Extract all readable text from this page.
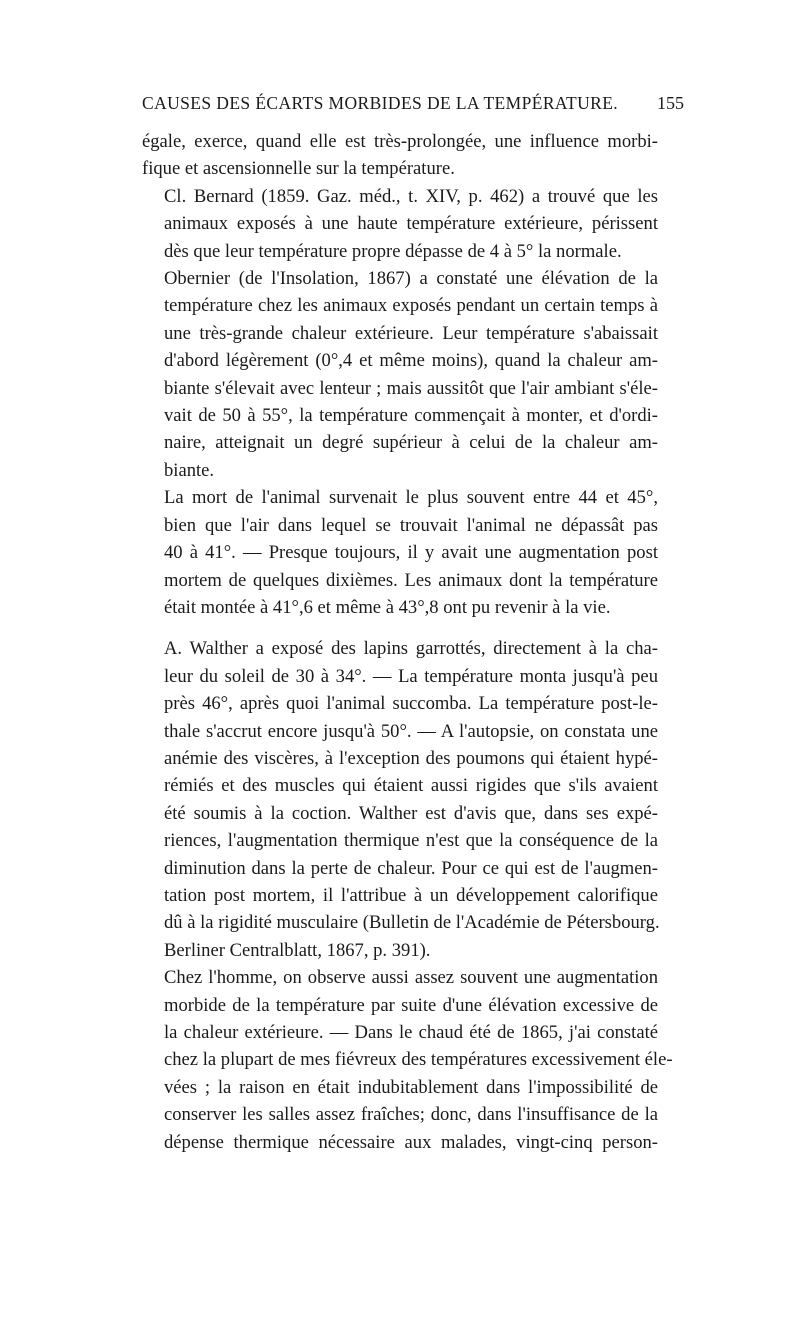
CAUSES DES ÉCARTS MORBIDES DE LA TEMPÉRATURE.	155

égale, exerce, quand elle est très-prolongée, une influence morbi-
fique et ascensionnelle sur la température.

Cl. Bernard (1859. Gaz. méd., t. XIV, p. 462) a trouvé que les
animaux exposés à une haute température extérieure, périssent
dès que leur température propre dépasse de 4 à 5° la normale.

Obernier (de l'Insolation, 1867) a constaté une élévation de la
température chez les animaux exposés pendant un certain temps à
une très-grande chaleur extérieure. Leur température s'abaissait
d'abord légèrement (0°,4 et même moins), quand la chaleur am-
biante s'élevait avec lenteur ; mais aussitôt que l'air ambiant s'éle-
vait de 50 à 55°, la température commençait à monter, et d'ordi-
naire, atteignait un degré supérieur à celui de la chaleur am-
biante.

La mort de l'animal survenait le plus souvent entre 44 et 45°,
bien que l'air dans lequel se trouvait l'animal ne dépassât pas
40 à 41°. — Presque toujours, il y avait une augmentation post
mortem de quelques dixièmes. Les animaux dont la température
était montée à 41°,6 et même à 43°,8 ont pu revenir à la vie.

A. Walther a exposé des lapins garrottés, directement à la cha-
leur du soleil de 30 à 34°. — La température monta jusqu'à peu
près 46°, après quoi l'animal succomba. La température post-le-
thale s'accrut encore jusqu'à 50°. — A l'autopsie, on constata une
anémie des viscères, à l'exception des poumons qui étaient hypé-
rémiés et des muscles qui étaient aussi rigides que s'ils avaient
été soumis à la coction. Walther est d'avis que, dans ses expé-
riences, l'augmentation thermique n'est que la conséquence de la
diminution dans la perte de chaleur. Pour ce qui est de l'augmen-
tation post mortem, il l'attribue à un développement calorifique
dû à la rigidité musculaire (Bulletin de l'Académie de Pétersbourg.
Berliner Centralblatt, 1867, p. 391).

Chez l'homme, on observe aussi assez souvent une augmentation
morbide de la température par suite d'une élévation excessive de
la chaleur extérieure. — Dans le chaud été de 1865, j'ai constaté
chez la plupart de mes fiévreux des températures excessivement éle-
vées ; la raison en était indubitablement dans l'impossibilité de
conserver les salles assez fraîches; donc, dans l'insuffisance de la
dépense thermique nécessaire aux malades, vingt-cinq person-
